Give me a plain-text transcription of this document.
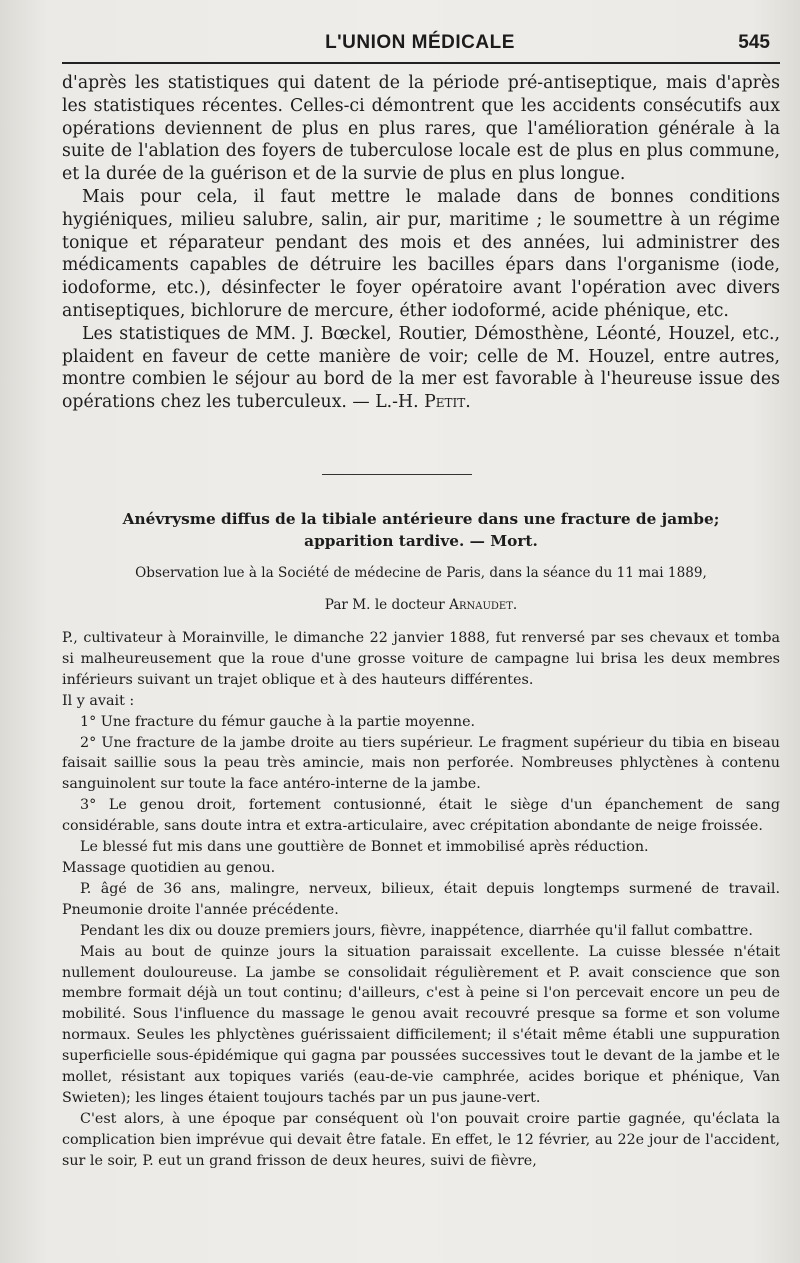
L'UNION MÉDICALE	545

d'après les statistiques qui datent de la période pré-antiseptique, mais d'après les statistiques récentes. Celles-ci démontrent que les accidents consécutifs aux opérations deviennent de plus en plus rares, que l'amélioration générale à la suite de l'ablation des foyers de tuberculose locale est de plus en plus commune, et la durée de la guérison et de la survie de plus en plus longue.

Mais pour cela, il faut mettre le malade dans de bonnes conditions hygiéniques, milieu salubre, salin, air pur, maritime ; le soumettre à un régime tonique et réparateur pendant des mois et des années, lui administrer des médicaments capables de détruire les bacilles épars dans l'organisme (iode, iodoforme, etc.), désinfecter le foyer opératoire avant l'opération avec divers antiseptiques, bichlorure de mercure, éther iodoformé, acide phénique, etc.

Les statistiques de MM. J. Bœckel, Routier, Démosthène, Léonté, Houzel, etc., plaident en faveur de cette manière de voir; celle de M. Houzel, entre autres, montre combien le séjour au bord de la mer est favorable à l'heureuse issue des opérations chez les tuberculeux. — L.-H. Petit.

Anévrysme diffus de la tibiale antérieure dans une fracture de jambe;
apparition tardive. — Mort.
Observation lue à la Société de médecine de Paris, dans la séance du 11 mai 1889,
Par M. le docteur Arnaudet.

P., cultivateur à Morainville, le dimanche 22 janvier 1888, fut renversé par ses chevaux et tomba si malheureusement que la roue d'une grosse voiture de campagne lui brisa les deux membres inférieurs suivant un trajet oblique et à des hauteurs différentes.

Il y avait :

1° Une fracture du fémur gauche à la partie moyenne.

2° Une fracture de la jambe droite au tiers supérieur. Le fragment supérieur du tibia en biseau faisait saillie sous la peau très amincie, mais non perforée. Nombreuses phlyctènes à contenu sanguinolent sur toute la face antéro-interne de la jambe.

3° Le genou droit, fortement contusionné, était le siège d'un épanchement de sang considérable, sans doute intra et extra-articulaire, avec crépitation abondante de neige froissée.

Le blessé fut mis dans une gouttière de Bonnet et immobilisé après réduction.

Massage quotidien au genou.

P. âgé de 36 ans, malingre, nerveux, bilieux, était depuis longtemps surmené de travail. Pneumonie droite l'année précédente.

Pendant les dix ou douze premiers jours, fièvre, inappétence, diarrhée qu'il fallut combattre.

Mais au bout de quinze jours la situation paraissait excellente. La cuisse blessée n'était nullement douloureuse. La jambe se consolidait régulièrement et P. avait conscience que son membre formait déjà un tout continu; d'ailleurs, c'est à peine si l'on percevait encore un peu de mobilité. Sous l'influence du massage le genou avait recouvré presque sa forme et son volume normaux. Seules les phlyctènes guérissaient difficilement; il s'était même établi une suppuration superficielle sous-épidémique qui gagna par poussées successives tout le devant de la jambe et le mollet, résistant aux topiques variés (eau-de-vie camphrée, acides borique et phénique, Van Swieten); les linges étaient toujours tachés par un pus jaune-vert.

C'est alors, à une époque par conséquent où l'on pouvait croire partie gagnée, qu'éclata la complication bien imprévue qui devait être fatale. En effet, le 12 février, au 22e jour de l'accident, sur le soir, P. eut un grand frisson de deux heures, suivi de fièvre,
